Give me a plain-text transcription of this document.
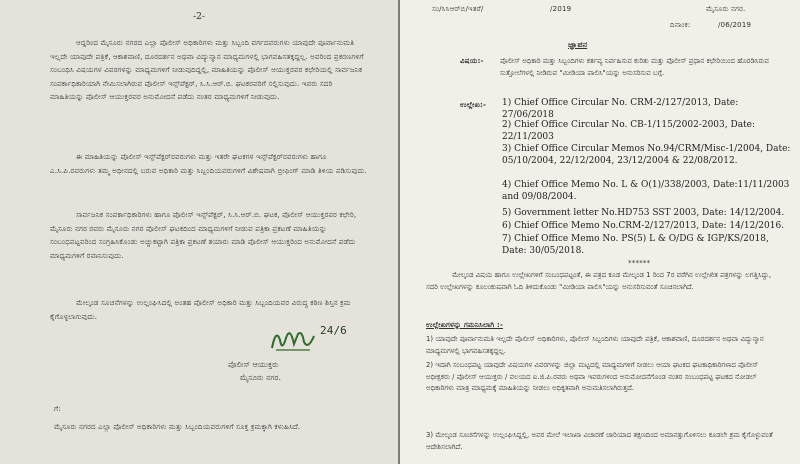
-2-
ಆದ್ದರಿಂದ ಮೈಸೂರು ನಗರದ ಎಲ್ಲಾ ಪೊಲೀಸ್ ಅಧಿಕಾರಿಗಳು ಮತ್ತು ಸಿಬ್ಬಂದಿ ವರ್ಗದವರುಗಳು ಯಾವುದೇ ಪೂರ್ವಾನುಮತಿ ಇಲ್ಲದೇ ಯಾವುದೇ ಪತ್ರಿಕೆ, ಆಕಾಶವಾಣಿ, ದೂರದರ್ಶನ ಅಥವಾ ವಿದ್ಯುನ್ಮಾನ ಮಾಧ್ಯಮಗಳಲ್ಲಿ ಭಾಗವಹಿಸತಕ್ಕದ್ದಲ್ಲ. ಅವರಿಂದ ಪ್ರಕರಣಗಳಿಗೆ ಸಂಬಂಧಿಸಿ ವಿಷಯಗಳ ವಿವರಗಳನ್ನು ಮಾಧ್ಯಮಗಳಿಗೆ ನೀಡುವುದಿದ್ದಲ್ಲಿ, ಮಾಹಿತಿಯನ್ನು ಪೊಲೀಸ್ ಆಯುಕ್ತರವರ ಕಛೇರಿಯಲ್ಲಿ ಸಾರ್ವಜನಿಕ ಸಂಪರ್ಕಾಧಿಕಾರಿಯಾಗಿ ನೇಮಿಸಲಾಗಿರುವ ಪೊಲೀಸ್ ಇನ್ಸ್‌ಪೆಕ್ಟರ್, ಸಿ.ಸಿ.ಆರ್.ಬಿ. ಘಟಕರವರಿಗೆ ಸಲ್ಲಿಸುವುದು. ಇವರು ಸದರಿ ಮಾಹಿತಿಯನ್ನು ಪೊಲೀಸ್ ಆಯುಕ್ತರವರ ಅನುಮೋದನೆ ಪಡೆದು ನಂತರ ಮಾಧ್ಯಮಗಳಿಗೆ ನೀಡುವುದು.
ಈ ಮಾಹಿತಿಯನ್ನು ಪೊಲೀಸ್ ಇನ್ಸ್‌ಪೆಕ್ಟರ್‌ರವರುಗಳು ಮತ್ತು ಇತರೇ ಘಟಕಗಳ ಇನ್ಸ್‌ಪೆಕ್ಟರ್‌ರವರುಗಳು ಹಾಗೂ ಎ.ಸಿ.ಪಿ.ರವರುಗಳು ತಮ್ಮ ಅಧೀನದಲ್ಲಿ ಬರುವ ಅಧಿಕಾರಿ ಮತ್ತು ಸಿಬ್ಬಂದಿಯವರುಗಳಿಗೆ ವಿಶೇಷವಾಗಿ ಬ್ರೀಫಿಂಗ್ ಮಾಡಿ ತಿಳಿಯ ಪಡಿಸುವುದು.
ಸಾರ್ವಜನಿಕ ಸಂಪರ್ಕಾಧಿಕಾರಿಗಳು ಹಾಗೂ ಪೊಲೀಸ್ ಇನ್ಸ್‌ಪೆಕ್ಟರ್, ಸಿ.ಸಿ.ಆರ್.ಬಿ. ಘಟಕ, ಪೊಲೀಸ್ ಆಯುಕ್ತರವರ ಕಛೇರಿ, ಮೈಸೂರು ನಗರ ರವರು ಮೈಸೂರು ನಗರ ಪೊಲೀಸ್ ಘಟಕದಿಂದ ಮಾಧ್ಯಮಗಳಿಗೆ ನೀಡುವ ಪತ್ರಿಕಾ ಪ್ರಕಟಣೆ ಮಾಹಿತಿಯನ್ನು ಸಂಬಂಧಪಟ್ಟವರಿಂದ ಸಂಗ್ರಹಿಸಿಕೊಂಡು ಅಚ್ಚುಕಟ್ಟಾಗಿ ಪತ್ರಿಕಾ ಪ್ರಕಟಣೆ ತಯಾರು ಮಾಡಿ ಪೊಲೀಸ್ ಆಯುಕ್ತರಿಂದ ಅನುಮೋದನೆ ಪಡೆದು ಮಾಧ್ಯಮಗಳಿಗೆ ರವಾನಿಸುವುದು.
ಮೇಲ್ಕಂಡ ಸೂಚನೆಗಳನ್ನು ಉಲ್ಲಂಘಿಸಿದಲ್ಲಿ ಅಂತಹ ಪೊಲೀಸ್ ಅಧಿಕಾರಿ ಮತ್ತು ಸಿಬ್ಬಂದಿಯವರ ವಿರುದ್ಧ ಕಠಿಣ ಶಿಸ್ತಿನ ಕ್ರಮ ಕೈಗೊಳ್ಳಲಾಗುವುದು.
24/6
ಪೊಲೀಸ್ ಆಯುಕ್ತರು
ಮೈಸೂರು ನಗರ.
ಗೆ:
ಮೈಸೂರು ನಗರದ ಎಲ್ಲಾ ಪೊಲೀಸ್ ಅಧಿಕಾರಿಗಳು ಮತ್ತು ಸಿಬ್ಬಂದಿಯವರುಗಳಿಗೆ ಸೂಕ್ತ ಕ್ರಮಕ್ಕಾಗಿ ಕಳುಹಿಸಿದೆ.
ಸಂ/ಸಿಸಿಆರ್‌ಬಿ/ಇತರೆ/	/2019	ಮೈಸೂರು ನಗರ.
ದಿನಾಂಕ:	/06/2019
ಜ್ಞಾಪನ
ವಿಷಯ:- ಪೊಲೀಸ್ ಅಧಿಕಾರಿ ಮತ್ತು ಸಿಬ್ಬಂದಿಗಳು ಕರ್ತವ್ಯ ನಿರ್ವಹಿಸುವ ಕುರಿತು ಮತ್ತು ಪೊಲೀಸ್ ಪ್ರಧಾನ ಕಛೇರಿಯಿಂದ ಹೊರಡಿಸಿರುವ ಸುತ್ತೋಲೆಗಳಲ್ಲಿ ನೀಡಿರುವ "ಮೀಡಿಯಾ ಪಾಲಿಸಿ"ಯನ್ನು ಅನುಸರಿಸುವ ಬಗ್ಗೆ.
ಉಲ್ಲೇಖ:- 1) Chief Office Circular No. CRM-2/127/2013, Date: 27/06/2018
2) Chief Office Circular No. CB-1/115/2002-2003, Date: 22/11/2003
3) Chief Office Circular Memos No.94/CRM/Misc-1/2004, Date: 05/10/2004, 22/12/2004, 23/12/2004 & 22/08/2012.
4) Chief Office Memo No. L & O(1)/338/2003, Date:11/11/2003 and 09/08/2004.
5) Government letter No.HD753 SST 2003, Date: 14/12/2004.
6) Chief Office Memo No.CRM-2/127/2013, Date: 14/12/2016.
7) Chief Office Memo No. PS(5) L & O/DG & IGP/KS/2018, Date: 30/05/2018.
******
ಮೇಲ್ಕಂಡ ವಿಷಯ ಹಾಗೂ ಉಲ್ಲೇಖಗಳಿಗೆ ಸಂಬಂಧಪಟ್ಟಂತೆ, ಈ ಪತ್ರದ ಕೂಡ ಮೇಲ್ಕಂಡ 1 ರಿಂದ 7ರ ವರೆಗಿನ ಉಲ್ಲೇಖಿತ ಪತ್ರಗಳನ್ನು ಲಗತ್ತಿಸಿದ್ದು, ಸದರಿ ಉಲ್ಲೇಖಗಳನ್ನು ಕೂಲಂಕುಷವಾಗಿ ಓದಿ ತಿಳಿದುಕೊಂಡು "ಮೀಡಿಯಾ ಪಾಲಿಸಿ"ಯನ್ನು ಅನುಸರಿಸುವಂತೆ ಸೂಚಿಸಲಾಗಿದೆ.
ಉಲ್ಲೇಖಗಳನ್ನು ಗಮನಿಸಿಲಾಗಿ :-
1) ಯಾವುದೇ ಪೂರ್ವಾನುಮತಿ ಇಲ್ಲದೇ ಪೊಲೀಸ್ ಅಧಿಕಾರಿಗಳು, ಪೊಲೀಸ್ ಸಿಬ್ಬಂದಿಗಳು ಯಾವುದೇ ಪತ್ರಿಕೆ, ಆಕಾಶವಾಣಿ, ದೂರದರ್ಶನ ಅಥವಾ ವಿದ್ಯುನ್ಮಾನ ಮಾಧ್ಯಮಗಳಲ್ಲಿ ಭಾಗವಹಿಸತಕ್ಕದ್ದಲ್ಲ.
2) ಇದಾಗಿ ಸಂಬಂಧಪಟ್ಟ ಯಾವುದೇ ವಿಷಯಗಳ ವಿವರಗಳನ್ನು ಜಿಲ್ಲಾ ಮಟ್ಟದಲ್ಲಿ ಮಾಧ್ಯಮಗಳಿಗೆ ನೀಡಲು ಆಯಾ ಘಟಕದ ಘಟಕಾಧಿಕಾರಿಗಳಾದ ಪೊಲೀಸ್ ಅಧೀಕ್ಷಕರು / ಪೊಲೀಸ್ ಆಯುಕ್ತರು / ವಲಯದ ಐ.ಜಿ.ಪಿ.ರವರು ಅಥವಾ ಇವರುಗಳಿಂದ ಅನುಮೋದನೆಗೊಂಡ ನಂತರ ಸಂಬಂಧಪಟ್ಟ ಘಟಕದ ನೋಡಲ್ ಅಧಿಕಾರಿಗಳು ಮಾತ್ರ ಮಾಧ್ಯಮಕ್ಕೆ ಮಾಹಿತಿಯನ್ನು ನೀಡಲು ಅಧಿಕೃತವಾಗಿ ಅನುಮತಿಸಲಾಗಿರುತ್ತದೆ.
3) ಮೇಲ್ಕಂಡ ಸೂಚನೆಗಳನ್ನು ಉಲ್ಲಂಘಿಸಿದ್ದಲ್ಲಿ, ಅವರ ಮೇಲೆ ಇಲಾಖಾ ವಿಚಾರಣೆ ಜಾರಿಯಾದ ತಕ್ಷಣದಿಂದ ಅಮಾನತ್ತುಗೊಳಿಸಲು ಕೂಡಲೇ ಕ್ರಮ ಕೈಗೊಳ್ಳುವಂತೆ ಆದೇಶಿಸಲಾಗಿದೆ.
